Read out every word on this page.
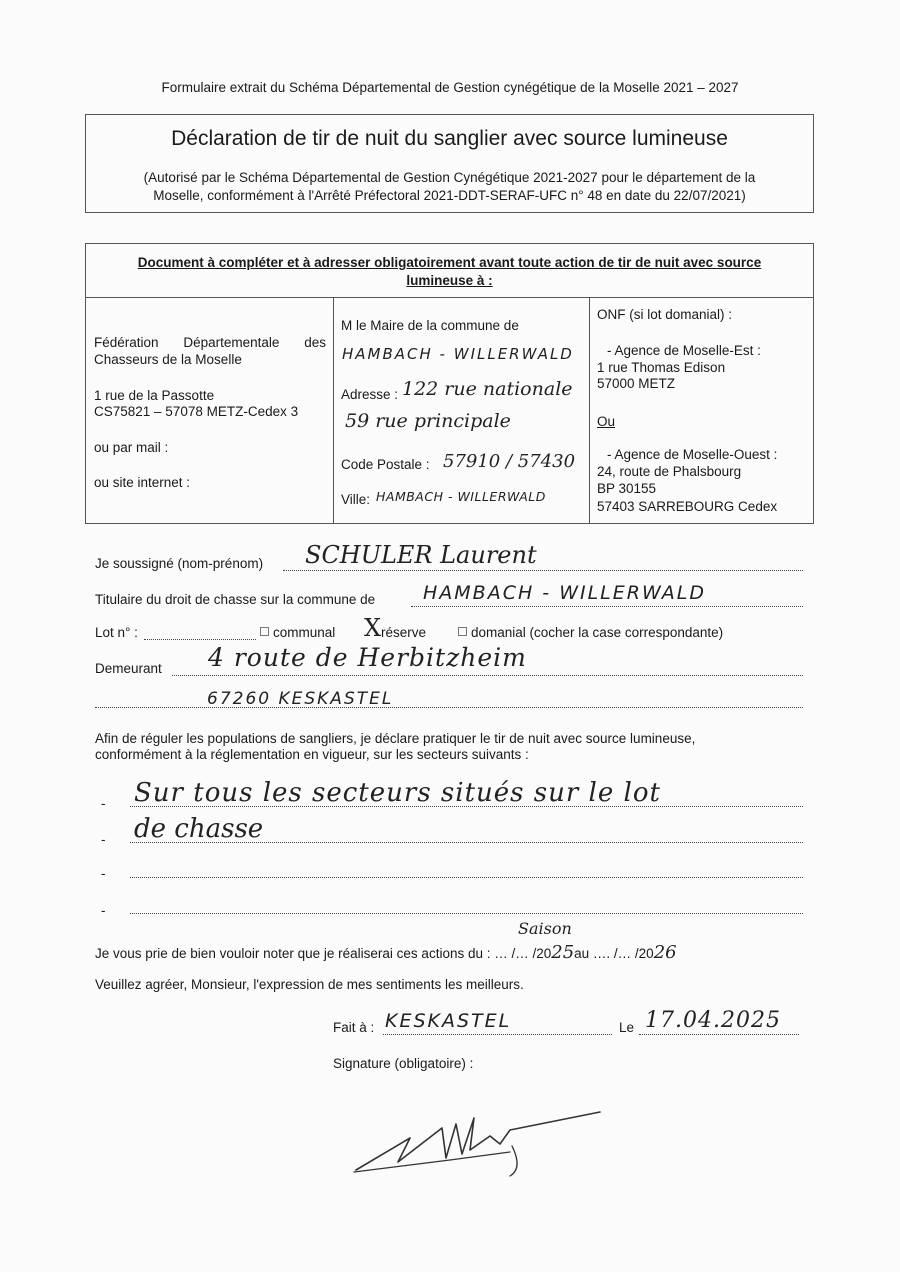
Formulaire extrait du Schéma Départemental de Gestion cynégétique de la Moselle 2021 – 2027
Déclaration de tir de nuit du sanglier avec source lumineuse
(Autorisé par le Schéma Départemental de Gestion Cynégétique 2021-2027 pour le département de la
Moselle, conformément à l'Arrêté Préfectoral 2021-DDT-SERAF-UFC n° 48 en date du 22/07/2021)
Document à compléter et à adresser obligatoirement avant toute action de tir de nuit avec source
lumineuse à :
Fédération Départementale des
Chasseurs de la Moselle
1 rue de la Passotte
CS75821 – 57078 METZ-Cedex 3
ou par mail :
ou site internet :
M le Maire de la commune de
HAMBACH - WILLERWALD
Adresse : 122 rue nationale
59 rue principale
Code Postale : 57910 / 57430
Ville: HAMBACH - WILLERWALD
ONF (si lot domanial) :
- Agence de Moselle-Est :
1 rue Thomas Edison
57000 METZ
Ou
- Agence de Moselle-Ouest :
24, route de Phalsbourg
BP 30155
57403 SARREBOURG Cedex
Je soussigné (nom-prénom) SCHULER Laurent
Titulaire du droit de chasse sur la commune de	HAMBACH - WILLERWALD
Lot n° :	communal X réserve	domanial (cocher la case correspondante)
Demeurant 4 route de Herbitzheim
67260 KESKASTEL
Afin de réguler les populations de sangliers, je déclare pratiquer le tir de nuit avec source lumineuse,
conformément à la réglementation en vigueur, sur les secteurs suivants :
- Sur tous les secteurs situés sur le lot
- de chasse
-
-
Saison
Je vous prie de bien vouloir noter que je réaliserai ces actions du : … /… /2025au …. /… /2026
Veuillez agréer, Monsieur, l'expression de mes sentiments les meilleurs.
Fait à : KESKASTEL	Le 17.04.2025
Signature (obligatoire) :
